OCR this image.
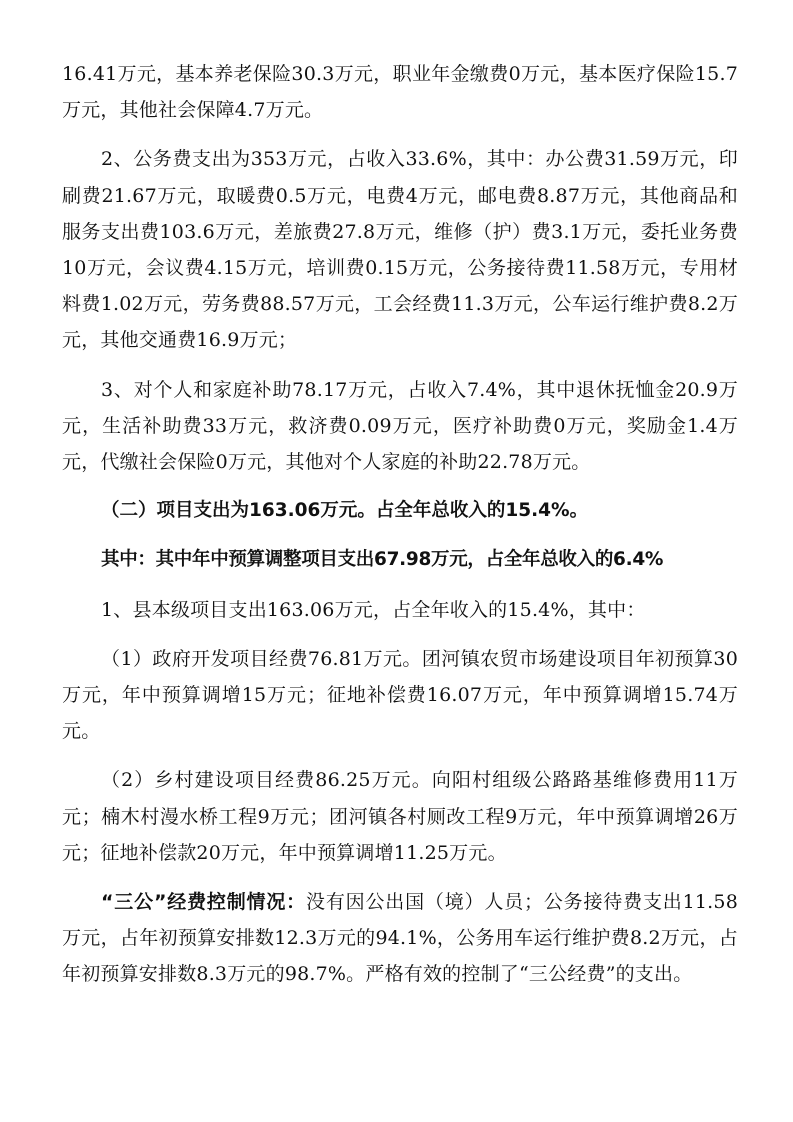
16.41万元，基本养老保险30.3万元，职业年金缴费0万元，基本医疗保险15.7万元，其他社会保障4.7万元。

2、公务费支出为353万元，占收入33.6%，其中：办公费31.59万元，印刷费21.67万元，取暖费0.5万元，电费4万元，邮电费8.87万元，其他商品和服务支出费103.6万元，差旅费27.8万元，维修（护）费3.1万元，委托业务费10万元，会议费4.15万元，培训费0.15万元，公务接待费11.58万元，专用材料费1.02万元，劳务费88.57万元，工会经费11.3万元，公车运行维护费8.2万元，其他交通费16.9万元；

3、对个人和家庭补助78.17万元，占收入7.4%，其中退休抚恤金20.9万元，生活补助费33万元，救济费0.09万元，医疗补助费0万元，奖励金1.4万元，代缴社会保险0万元，其他对个人家庭的补助22.78万元。

（二）项目支出为163.06万元。占全年总收入的15.4%。

其中：其中年中预算调整项目支出67.98万元，占全年总收入的6.4%

1、县本级项目支出163.06万元，占全年收入的15.4%，其中：

（1）政府开发项目经费76.81万元。团河镇农贸市场建设项目年初预算30万元，年中预算调增15万元；征地补偿费16.07万元，年中预算调增15.74万元。

（2）乡村建设项目经费86.25万元。向阳村组级公路路基维修费用11万元；楠木村漫水桥工程9万元；团河镇各村厕改工程9万元，年中预算调增26万元；征地补偿款20万元，年中预算调增11.25万元。

“三公”经费控制情况：没有因公出国（境）人员；公务接待费支出11.58万元，占年初预算安排数12.3万元的94.1%，公务用车运行维护费8.2万元，占年初预算安排数8.3万元的98.7%。严格有效的控制了“三公经费”的支出。
